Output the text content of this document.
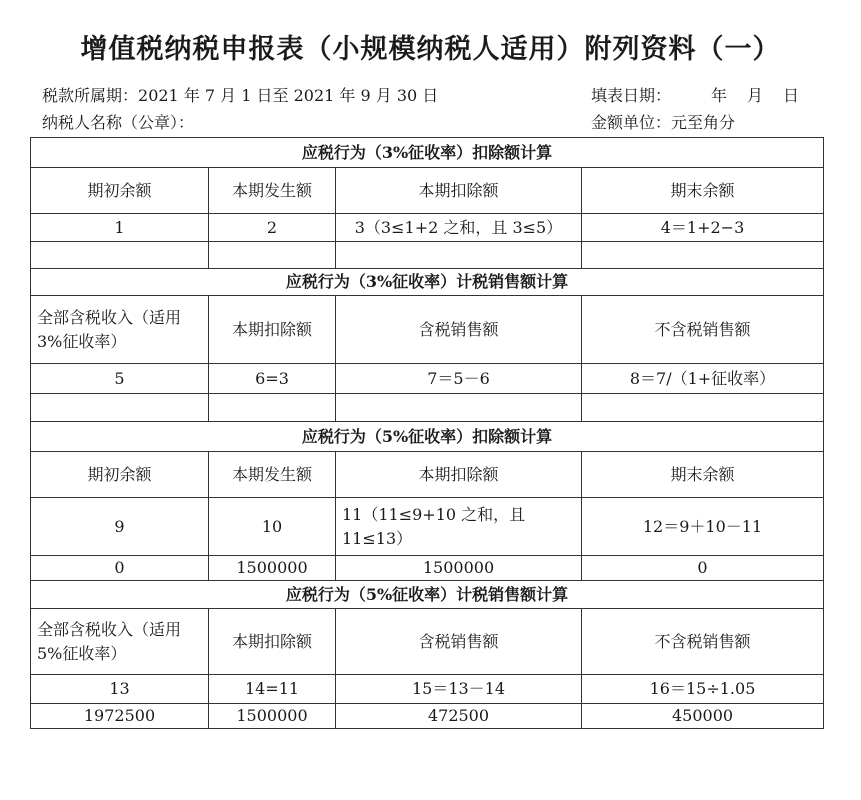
增值税纳税申报表（小规模纳税人适用）附列资料（一）
税款所属期：2021 年 7 月 1 日至 2021 年 9 月 30 日	填表日期：	年 月 日
纳税人名称（公章）：	金额单位：元至角分
应税行为（3%征收率）扣除额计算			
期初余额	本期发生额	本期扣除额	期末余额
1	2	3（3≤1+2 之和，且 3≤5）	4＝1+2−3

应税行为（3%征收率）计税销售额计算			
全部含税收入（适用 3%征收率）	本期扣除额	含税销售额	不含税销售额
5	6=3	7＝5－6	8＝7/（1+征收率）

应税行为（5%征收率）扣除额计算			
期初余额	本期发生额	本期扣除额	期末余额
9	10	11（11≤9+10 之和，且 11≤13）	12＝9＋10－11
0	1500000	1500000	0
应税行为（5%征收率）计税销售额计算			
全部含税收入（适用 5%征收率）	本期扣除额	含税销售额	不含税销售额
13	14=11	15＝13－14	16＝15÷1.05
1972500	1500000	472500	450000
